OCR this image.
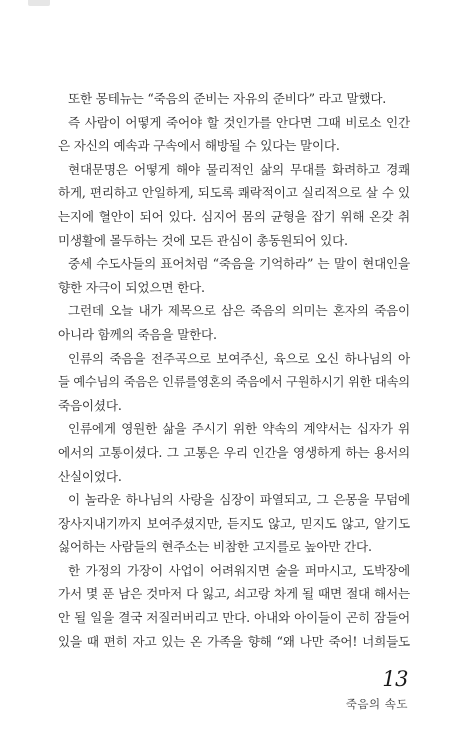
또한 몽테뉴는 “죽음의 준비는 자유의 준비다” 라고 말했다.

즉 사람이 어떻게 죽어야 할 것인가를 안다면 그때 비로소 인간
은 자신의 예속과 구속에서 해방될 수 있다는 말이다.

현대문명은 어떻게 해야 물리적인 삶의 무대를 화려하고 경쾌
하게, 편리하고 안일하게, 되도록 쾌락적이고 실리적으로 살 수 있
는지에 혈안이 되어 있다. 심지어 몸의 균형을 잡기 위해 온갖 취
미생활에 몰두하는 것에 모든 관심이 총동원되어 있다.

중세 수도사들의 표어처럼 “죽음을 기억하라” 는 말이 현대인을
향한 자극이 되었으면 한다.

그런데 오늘 내가 제목으로 삼은 죽음의 의미는 혼자의 죽음이
아니라 함께의 죽음을 말한다.

인류의 죽음을 전주곡으로 보여주신, 육으로 오신 하나님의 아
들 예수님의 죽음은 인류를영혼의 죽음에서 구원하시기 위한 대속의
죽음이셨다.

인류에게 영원한 삶을 주시기 위한 약속의 계약서는 십자가 위
에서의 고통이셨다. 그 고통은 우리 인간을 영생하게 하는 용서의
산실이었다.

이 놀라운 하나님의 사랑을 심장이 파열되고, 그 은몽을 무덤에
장사지내기까지 보여주셨지만, 듣지도 않고, 믿지도 않고, 알기도
싫어하는 사람들의 현주소는 비참한 고지를로 높아만 간다.

한 가정의 가장이 사업이 어려워지면 술을 퍼마시고, 도박장에
가서 몇 푼 남은 것마저 다 잃고, 쇠고랑 차게 될 때면 절대 해서는
안 될 일을 결국 저질러버리고 만다. 아내와 아이들이 곤히 잠들어
있을 때 편히 자고 있는 온 가족을 향해 “왜 나만 죽어! 너희들도

13
죽음의 속도
